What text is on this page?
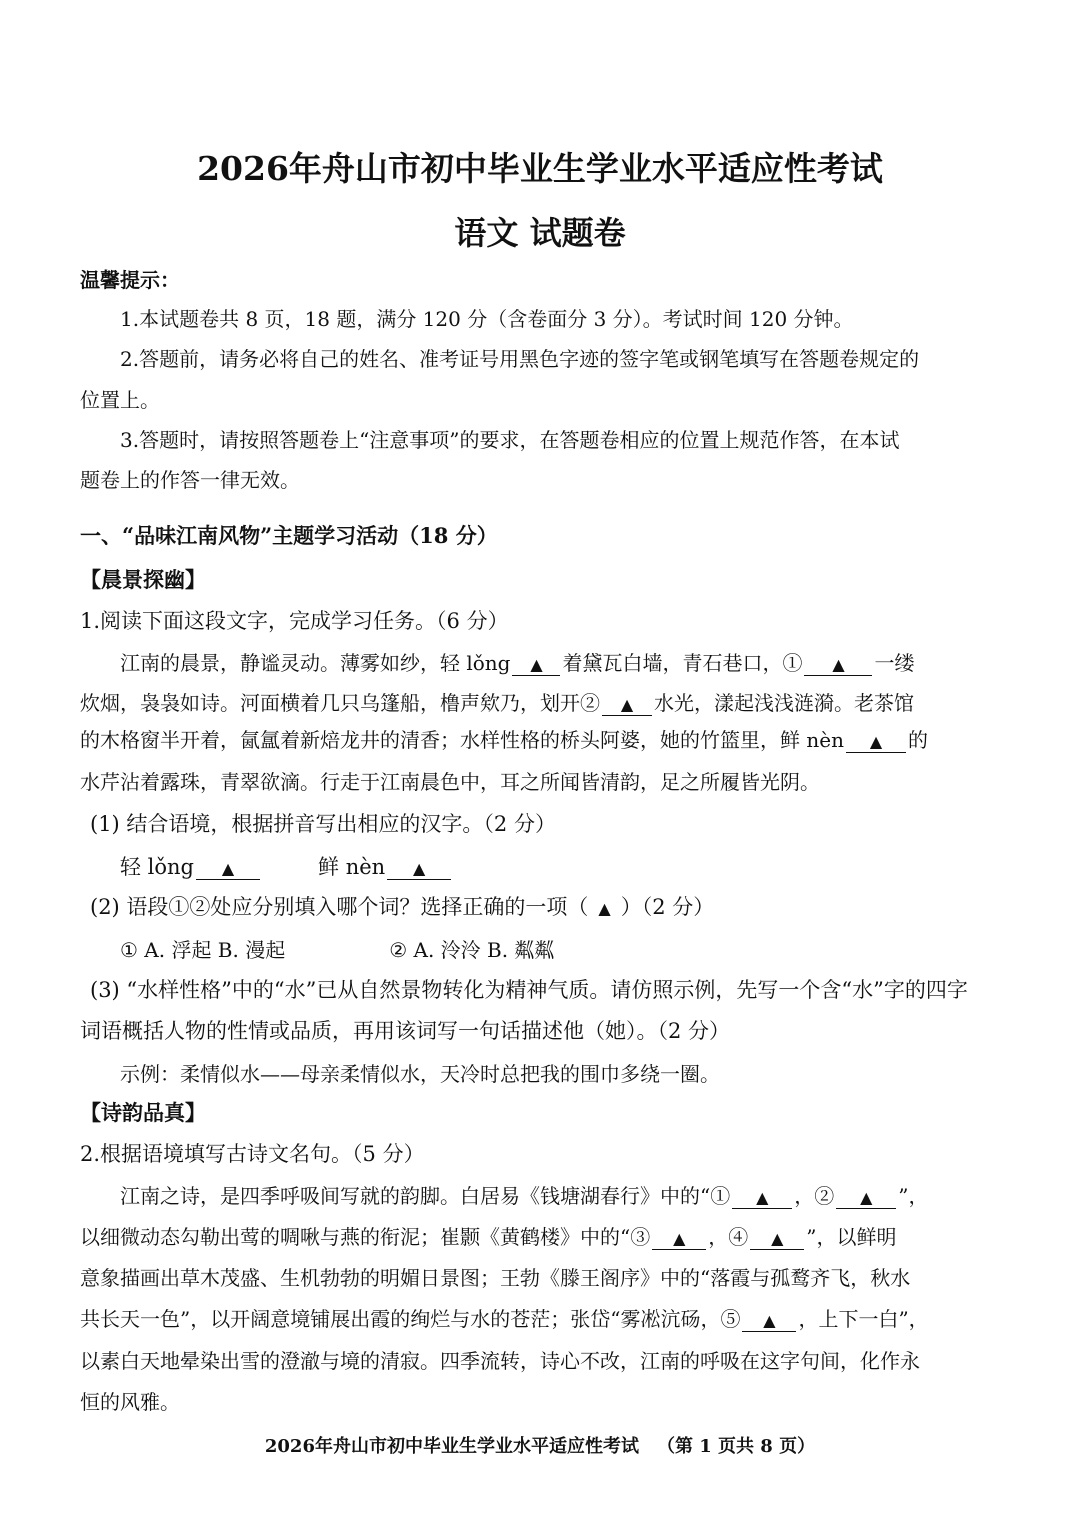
2026年舟山市初中毕业生学业水平适应性考试
语文 试题卷
温馨提示：
1.本试题卷共 8 页，18 题，满分 120 分（含卷面分 3 分）。考试时间 120 分钟。
2.答题前，请务必将自己的姓名、准考证号用黑色字迹的签字笔或钢笔填写在答题卷规定的
位置上。
3.答题时，请按照答题卷上“注意事项”的要求，在答题卷相应的位置上规范作答，在本试
题卷上的作答一律无效。
一、“品味江南风物”主题学习活动（18 分）
【晨景探幽】
1.阅读下面这段文字，完成学习任务。（6 分）
江南的晨景，静谧灵动。薄雾如纱，轻 lǒng ▲ 着黛瓦白墙，青石巷口，① ▲ 一缕
炊烟，袅袅如诗。河面横着几只乌篷船，橹声欸乃，划开② ▲ 水光，漾起浅浅涟漪。老茶馆
的木格窗半开着，氤氲着新焙龙井的清香；水样性格的桥头阿婆，她的竹篮里，鲜 nèn ▲ 的
水芹沾着露珠，青翠欲滴。行走于江南晨色中，耳之所闻皆清韵，足之所履皆光阴。
(1) 结合语境，根据拼音写出相应的汉字。（2 分）
轻 lǒng ▲	鲜 nèn ▲
(2) 语段①②处应分别填入哪个词？选择正确的一项（ ▲ ）（2 分）
① A. 浮起 B. 漫起	② A. 泠泠 B. 粼粼
(3) “水样性格”中的“水”已从自然景物转化为精神气质。请仿照示例，先写一个含“水”字的四字
词语概括人物的性情或品质，再用该词写一句话描述他（她）。（2 分）
示例：柔情似水——母亲柔情似水，天冷时总把我的围巾多绕一圈。
【诗韵品真】
2.根据语境填写古诗文名句。（5 分）
江南之诗，是四季呼吸间写就的韵脚。白居易《钱塘湖春行》中的“① ▲ ，② ▲ ”，
以细微动态勾勒出莺的啁啾与燕的衔泥；崔颢《黄鹤楼》中的“③ ▲ ，④ ▲ ”，以鲜明
意象描画出草木茂盛、生机勃勃的明媚日景图；王勃《滕王阁序》中的“落霞与孤鹜齐飞，秋水
共长天一色”，以开阔意境铺展出霞的绚烂与水的苍茫；张岱“雾凇沆砀，⑤ ▲ ，上下一白”，
以素白天地晕染出雪的澄澈与境的清寂。四季流转，诗心不改，江南的呼吸在这字句间，化作永
恒的风雅。
2026年舟山市初中毕业生学业水平适应性考试 （第 1 页共 8 页）
